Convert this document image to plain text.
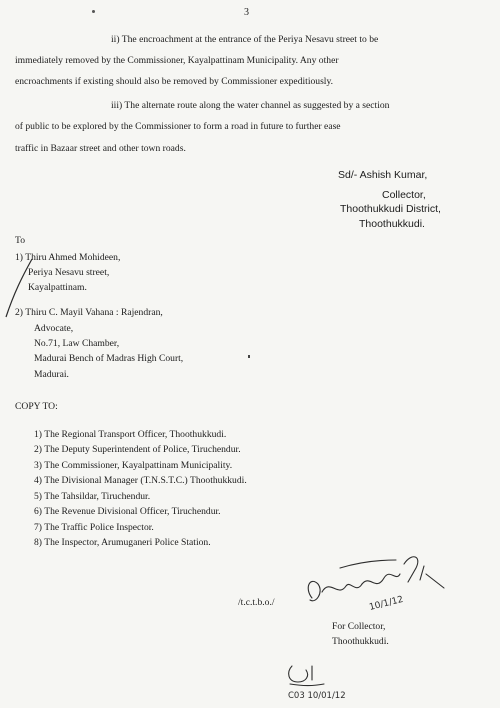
3
ii) The encroachment at the entrance of the Periya Nesavu street to be
immediately removed by the Commissioner, Kayalpattinam Municipality. Any other
encroachments if existing should also be removed by Commissioner expeditiously.
iii) The alternate route along the water channel as suggested by a section
of public to be explored by the Commissioner to form a road in future to further ease
traffic in Bazaar street and other town roads.
Sd/- Ashish Kumar,
Collector,
Thoothukkudi District,
Thoothukkudi.
To
1) Thiru Ahmed Mohideen,
Periya Nesavu street,
Kayalpattinam.
2) Thiru C. Mayil Vahana : Rajendran,
Advocate,
No.71, Law Chamber,
Madurai Bench of Madras High Court,
Madurai.
COPY TO:
1) The Regional Transport Officer, Thoothukkudi.
2) The Deputy Superintendent of Police, Tiruchendur.
3) The Commissioner, Kayalpattinam Municipality.
4) The Divisional Manager (T.N.S.T.C.) Thoothukkudi.
5) The Tahsildar, Tiruchendur.
6) The Revenue Divisional Officer, Tiruchendur.
7) The Traffic Police Inspector.
8) The Inspector, Arumuganeri Police Station.
/t.c.t.b.o./	10/1/12
For Collector,
Thoothukkudi.
C03 10/01/12
